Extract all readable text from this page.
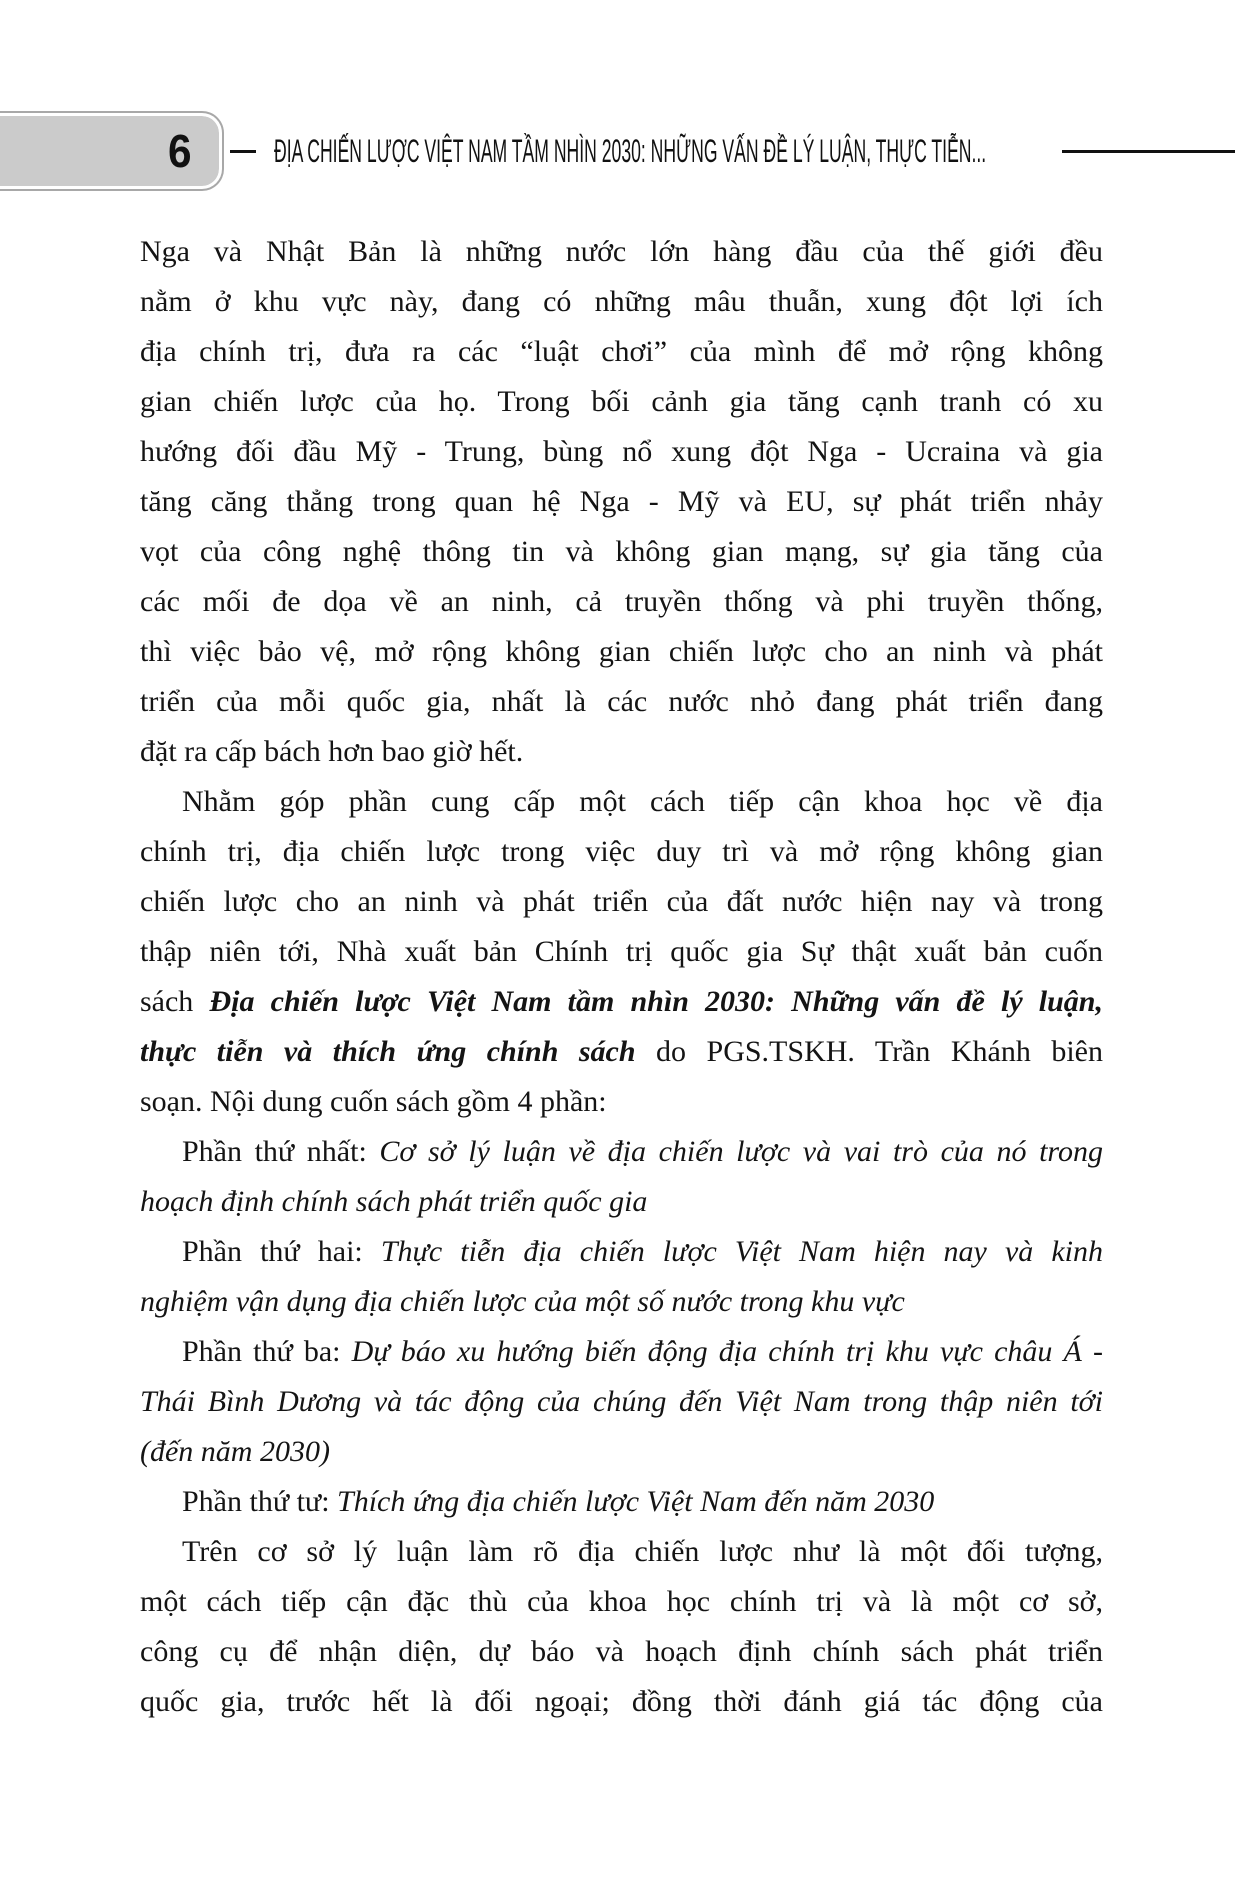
6	ĐỊA CHIẾN LƯỢC VIỆT NAM TẦM NHÌN 2030: NHỮNG VẤN ĐỀ LÝ LUẬN, THỰC TIỄN...
Nga và Nhật Bản là những nước lớn hàng đầu của thế giới đều
nằm ở khu vực này, đang có những mâu thuẫn, xung đột lợi ích
địa chính trị, đưa ra các “luật chơi” của mình để mở rộng không
gian chiến lược của họ. Trong bối cảnh gia tăng cạnh tranh có xu
hướng đối đầu Mỹ - Trung, bùng nổ xung đột Nga - Ucraina và gia
tăng căng thẳng trong quan hệ Nga - Mỹ và EU, sự phát triển nhảy
vọt của công nghệ thông tin và không gian mạng, sự gia tăng của
các mối đe dọa về an ninh, cả truyền thống và phi truyền thống,
thì việc bảo vệ, mở rộng không gian chiến lược cho an ninh và phát
triển của mỗi quốc gia, nhất là các nước nhỏ đang phát triển đang
đặt ra cấp bách hơn bao giờ hết.
Nhằm góp phần cung cấp một cách tiếp cận khoa học về địa
chính trị, địa chiến lược trong việc duy trì và mở rộng không gian
chiến lược cho an ninh và phát triển của đất nước hiện nay và trong
thập niên tới, Nhà xuất bản Chính trị quốc gia Sự thật xuất bản cuốn
sách Địa chiến lược Việt Nam tầm nhìn 2030: Những vấn đề lý luận,
thực tiễn và thích ứng chính sách do PGS.TSKH. Trần Khánh biên
soạn. Nội dung cuốn sách gồm 4 phần:
Phần thứ nhất: Cơ sở lý luận về địa chiến lược và vai trò của nó trong
hoạch định chính sách phát triển quốc gia
Phần thứ hai: Thực tiễn địa chiến lược Việt Nam hiện nay và kinh
nghiệm vận dụng địa chiến lược của một số nước trong khu vực
Phần thứ ba: Dự báo xu hướng biến động địa chính trị khu vực châu Á -
Thái Bình Dương và tác động của chúng đến Việt Nam trong thập niên tới
(đến năm 2030)
Phần thứ tư: Thích ứng địa chiến lược Việt Nam đến năm 2030
Trên cơ sở lý luận làm rõ địa chiến lược như là một đối tượng,
một cách tiếp cận đặc thù của khoa học chính trị và là một cơ sở,
công cụ để nhận diện, dự báo và hoạch định chính sách phát triển
quốc gia, trước hết là đối ngoại; đồng thời đánh giá tác động của
